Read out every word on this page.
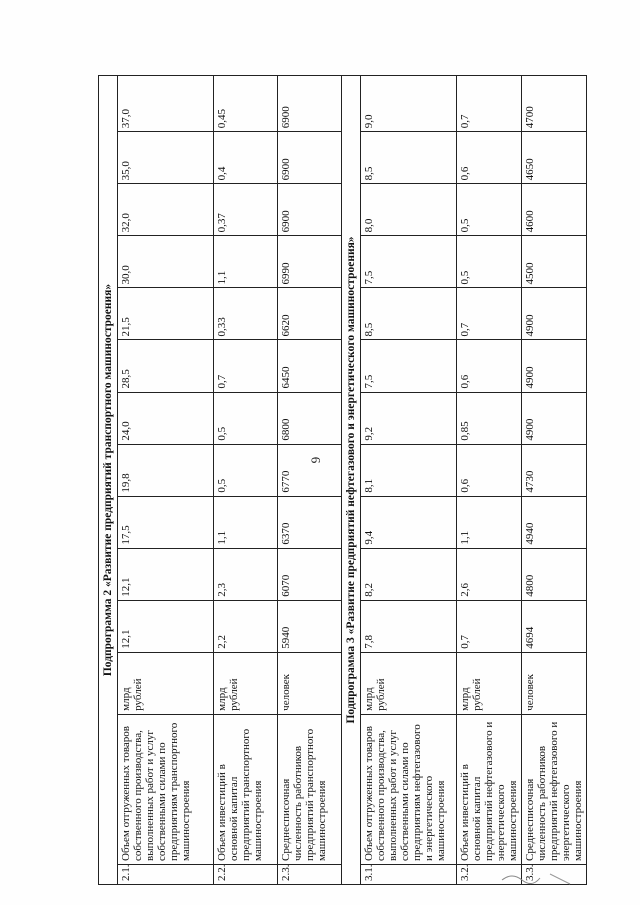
6
Подпрограмма 2 «Развитие предприятий транспортного машиностроения»													
2.1.	Объем отгруженных товаров собственного производства, выполненных работ и услуг собственными силами по предприятиям транспортного машиностроения	млрд рублей	12,1	12,1	17,5	19,8	24,0	28,5	21,5	30,0	32,0	35,0	37,0
2.2.	Объем инвестиций в основной капитал предприятий транспортного машиностроения	млрд рублей	2,2	2,3	1,1	0,5	0,5	0,7	0,33	1,1	0,37	0,4	0,45
2.3.	Среднесписочная численность работников предприятий транспортного машиностроения	человек	5940	6070	6370	6770	6800	6450	6620	6990	6900	6900	6900
Подпрограмма 3 «Развитие предприятий нефтегазового и энергетического машиностроения»													
3.1.	Объем отгруженных товаров собственного производства, выполненных работ и услуг собственными силами по предприятиям нефтегазового и энергетического машиностроения	млрд рублей	7,8	8,2	9,4	8,1	9,2	7,5	8,5	7,5	8,0	8,5	9,0
3.2.	Объем инвестиций в основной капитал предприятий нефтегазового и энергетического машиностроения	млрд рублей	0,7	2,6	1,1	0,6	0,85	0,6	0,7	0,5	0,5	0,6	0,7
3.3.	Среднесписочная численность работников предприятий нефтегазового и энергетического машиностроения	человек	4694	4800	4940	4730	4900	4900	4900	4500	4600	4650	4700
